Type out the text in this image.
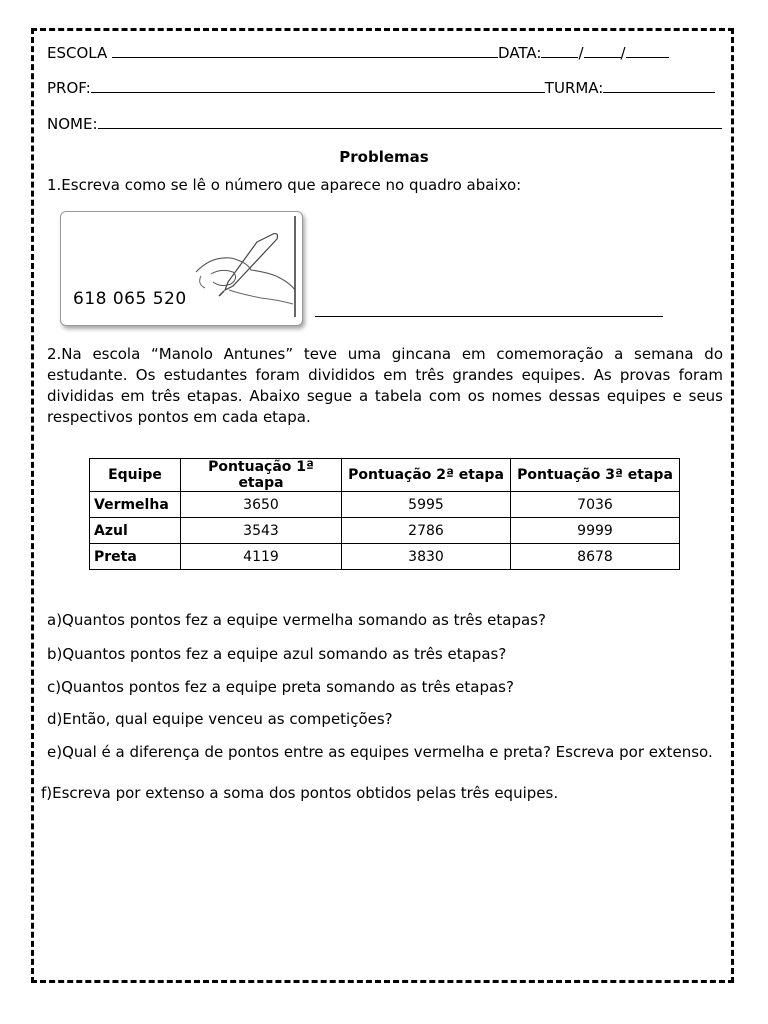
ESCOLA	DATA: / /
PROF:	TURMA:
NOME:
Problemas
1.Escreva como se lê o número que aparece no quadro abaixo:
618 065 520
2.Na escola “Manolo Antunes” teve uma gincana em comemoração a semana do estudante. Os estudantes foram divididos em três grandes equipes. As provas foram divididas em três etapas. Abaixo segue a tabela com os nomes dessas equipes e seus respectivos pontos em cada etapa.
Equipe	Pontuação 1ª etapa	Pontuação 2ª etapa	Pontuação 3ª etapa
Vermelha	3650	5995	7036
Azul	3543	2786	9999
Preta	4119	3830	8678
a)Quantos pontos fez a equipe vermelha somando as três etapas?
b)Quantos pontos fez a equipe azul somando as três etapas?
c)Quantos pontos fez a equipe preta somando as três etapas?
d)Então, qual equipe venceu as competições?
e)Qual é a diferença de pontos entre as equipes vermelha e preta? Escreva por extenso.
f)Escreva por extenso a soma dos pontos obtidos pelas três equipes.
